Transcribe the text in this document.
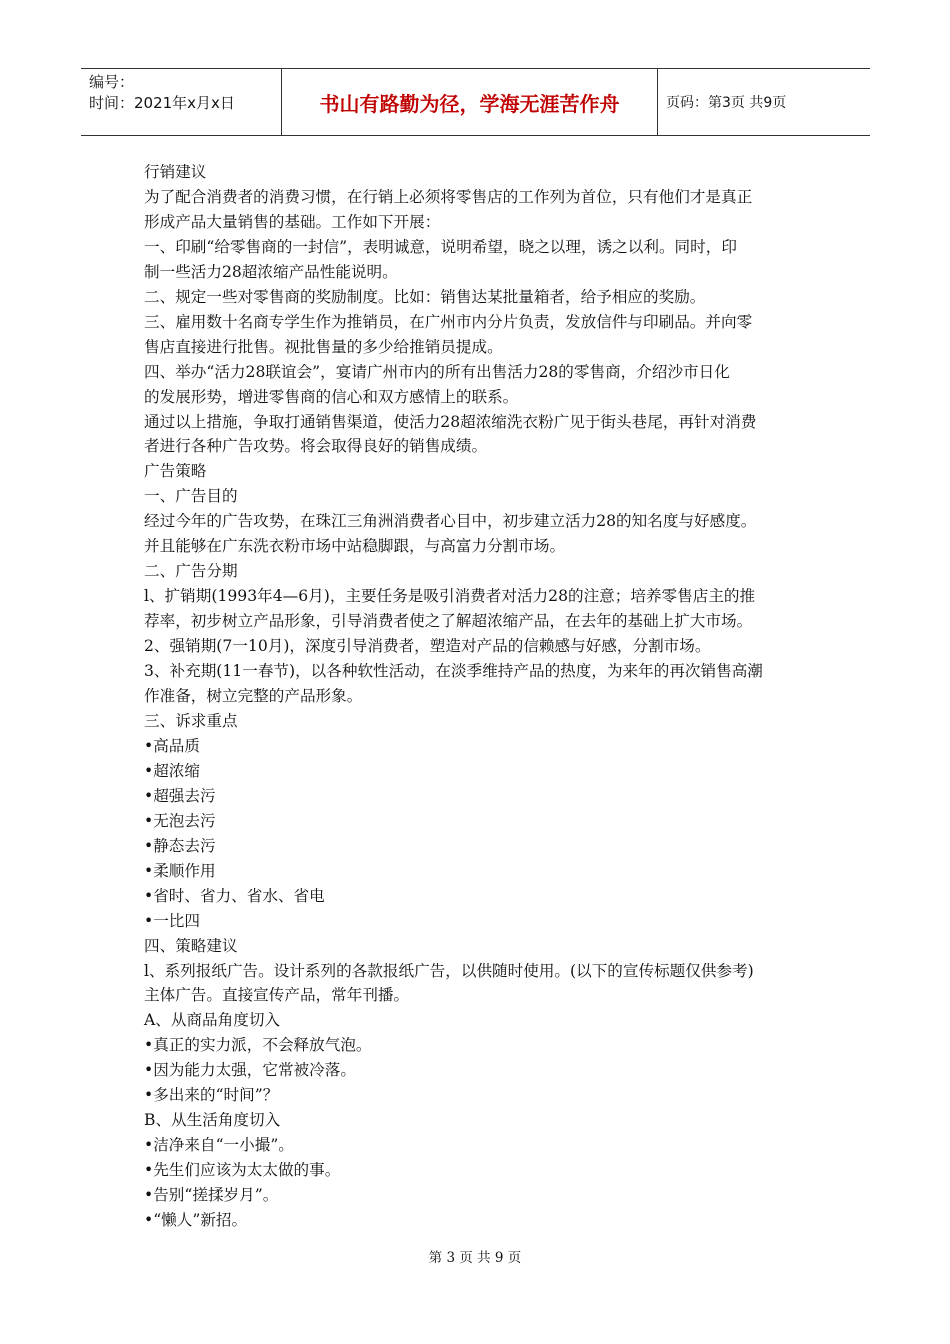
编号：
时间：2021年x月x日	书山有路勤为径，学海无涯苦作舟	页码：第3页 共9页

行销建议

为了配合消费者的消费习惯，在行销上必须将零售店的工作列为首位，只有他们才是真正

形成产品大量销售的基础。工作如下开展：

一、印刷“给零售商的一封信”，表明诚意，说明希望，晓之以理，诱之以利。同时，印

制一些活力28超浓缩产品性能说明。

二、规定一些对零售商的奖励制度。比如：销售达某批量箱者，给予相应的奖励。

三、雇用数十名商专学生作为推销员，在广州市内分片负责，发放信件与印刷品。并向零

售店直接进行批售。视批售量的多少给推销员提成。

四、举办“活力28联谊会”，宴请广州市内的所有出售活力28的零售商，介绍沙市日化

的发展形势，增进零售商的信心和双方感情上的联系。

通过以上措施，争取打通销售渠道，使活力28超浓缩洗衣粉广见于街头巷尾，再针对消费

者进行各种广告攻势。将会取得良好的销售成绩。

广告策略

一、广告目的

经过今年的广告攻势，在珠江三角洲消费者心目中，初步建立活力28的知名度与好感度。

并且能够在广东洗衣粉市场中站稳脚跟，与高富力分割市场。

二、广告分期

l、扩销期(1993年4—6月)，主要任务是吸引消费者对活力28的注意；培养零售店主的推

荐率，初步树立产品形象，引导消费者使之了解超浓缩产品，在去年的基础上扩大市场。

2、强销期(7一10月)，深度引导消费者，塑造对产品的信赖感与好感，分割市场。

3、补充期(11一春节)，以各种软性活动，在淡季维持产品的热度，为来年的再次销售高潮

作准备，树立完整的产品形象。

三、诉求重点

•高品质

•超浓缩

•超强去污

•无泡去污

•静态去污

•柔顺作用

•省时、省力、省水、省电

•一比四

四、策略建议

l、系列报纸广告。设计系列的各款报纸广告，以供随时使用。(以下的宣传标题仅供参考)

主体广告。直接宣传产品，常年刊播。

A、从商品角度切入

•真正的实力派，不会释放气泡。

•因为能力太强，它常被冷落。

•多出来的“时间”？

B、从生活角度切入

•洁净来自“一小撮”。

•先生们应该为太太做的事。

•告别“搓揉岁月”。

•“懒人”新招。

第 3 页 共 9 页
